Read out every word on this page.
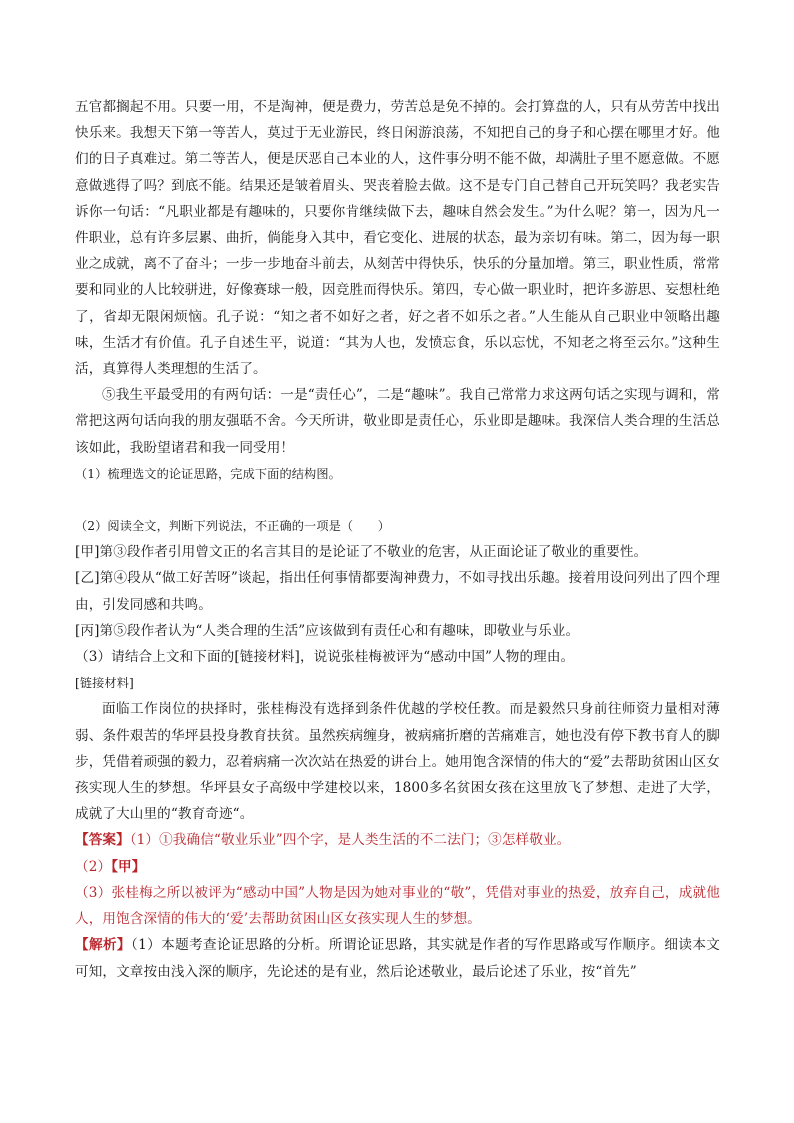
五官都搁起不用。只要一用，不是淘神，便是费力，劳苦总是免不掉的。会打算盘的人，只有从劳苦中找出快乐来。我想天下第一等苦人，莫过于无业游民，终日闲游浪荡，不知把自己的身子和心摆在哪里才好。他们的日子真难过。第二等苦人，便是厌恶自己本业的人，这件事分明不能不做，却满肚子里不愿意做。不愿意做逃得了吗？到底不能。结果还是皱着眉头、哭丧着脸去做。这不是专门自己替自己开玩笑吗？我老实告诉你一句话：“凡职业都是有趣味的，只要你肯继续做下去，趣味自然会发生。”为什么呢？第一，因为凡一件职业，总有许多层累、曲折，倘能身入其中，看它变化、进展的状态，最为亲切有味。第二，因为每一职业之成就，离不了奋斗；一步一步地奋斗前去，从刻苦中得快乐，快乐的分量加增。第三，职业性质，常常要和同业的人比较骈进，好像赛球一般，因竞胜而得快乐。第四，专心做一职业时，把许多游思、妄想杜绝了，省却无限闲烦恼。孔子说：“知之者不如好之者，好之者不如乐之者。”人生能从自己职业中领略出趣味，生活才有价值。孔子自述生平，说道：“其为人也，发愤忘食，乐以忘忧，不知老之将至云尔。”这种生活，真算得人类理想的生活了。

⑤我生平最受用的有两句话：一是“责任心”，二是“趣味”。我自己常常力求这两句话之实现与调和，常常把这两句话向我的朋友强聒不舍。今天所讲，敬业即是责任心，乐业即是趣味。我深信人类合理的生活总该如此，我盼望诸君和我一同受用！

（1）梳理选文的论证思路，完成下面的结构图。

（2）阅读全文，判断下列说法，不正确的一项是（　　）

[甲]第③段作者引用曾文正的名言其目的是论证了不敬业的危害，从正面论证了敬业的重要性。

[乙]第④段从“做工好苦呀”谈起，指出任何事情都要淘神费力，不如寻找出乐趣。接着用设问列出了四个理由，引发同感和共鸣。

[丙]第⑤段作者认为“人类合理的生活”应该做到有责任心和有趣味，即敬业与乐业。

（3）请结合上文和下面的[链接材料]，说说张桂梅被评为“感动中国”人物的理由。

[链接材料]

面临工作岗位的抉择时，张桂梅没有选择到条件优越的学校任教。而是毅然只身前往师资力量相对薄弱、条件艰苦的华坪县投身教育扶贫。虽然疾病缠身，被病痛折磨的苦痛难言，她也没有停下教书育人的脚步，凭借着顽强的毅力，忍着病痛一次次站在热爱的讲台上。她用饱含深情的伟大的“爱”去帮助贫困山区女孩实现人生的梦想。华坪县女子高级中学建校以来，1800多名贫困女孩在这里放飞了梦想、走进了大学，成就了大山里的“教育奇迹“。

【答案】（1）①我确信“敬业乐业”四个字，是人类生活的不二法门；③怎样敬业。

（2）【甲】

（3）张桂梅之所以被评为“感动中国”人物是因为她对事业的“敬”，凭借对事业的热爱，放弃自己，成就他人，用饱含深情的伟大的‘爱’去帮助贫困山区女孩实现人生的梦想。

【解析】（1）本题考查论证思路的分析。所谓论证思路，其实就是作者的写作思路或写作顺序。细读本文可知，文章按由浅入深的顺序，先论述的是有业，然后论述敬业，最后论述了乐业，按“首先”
